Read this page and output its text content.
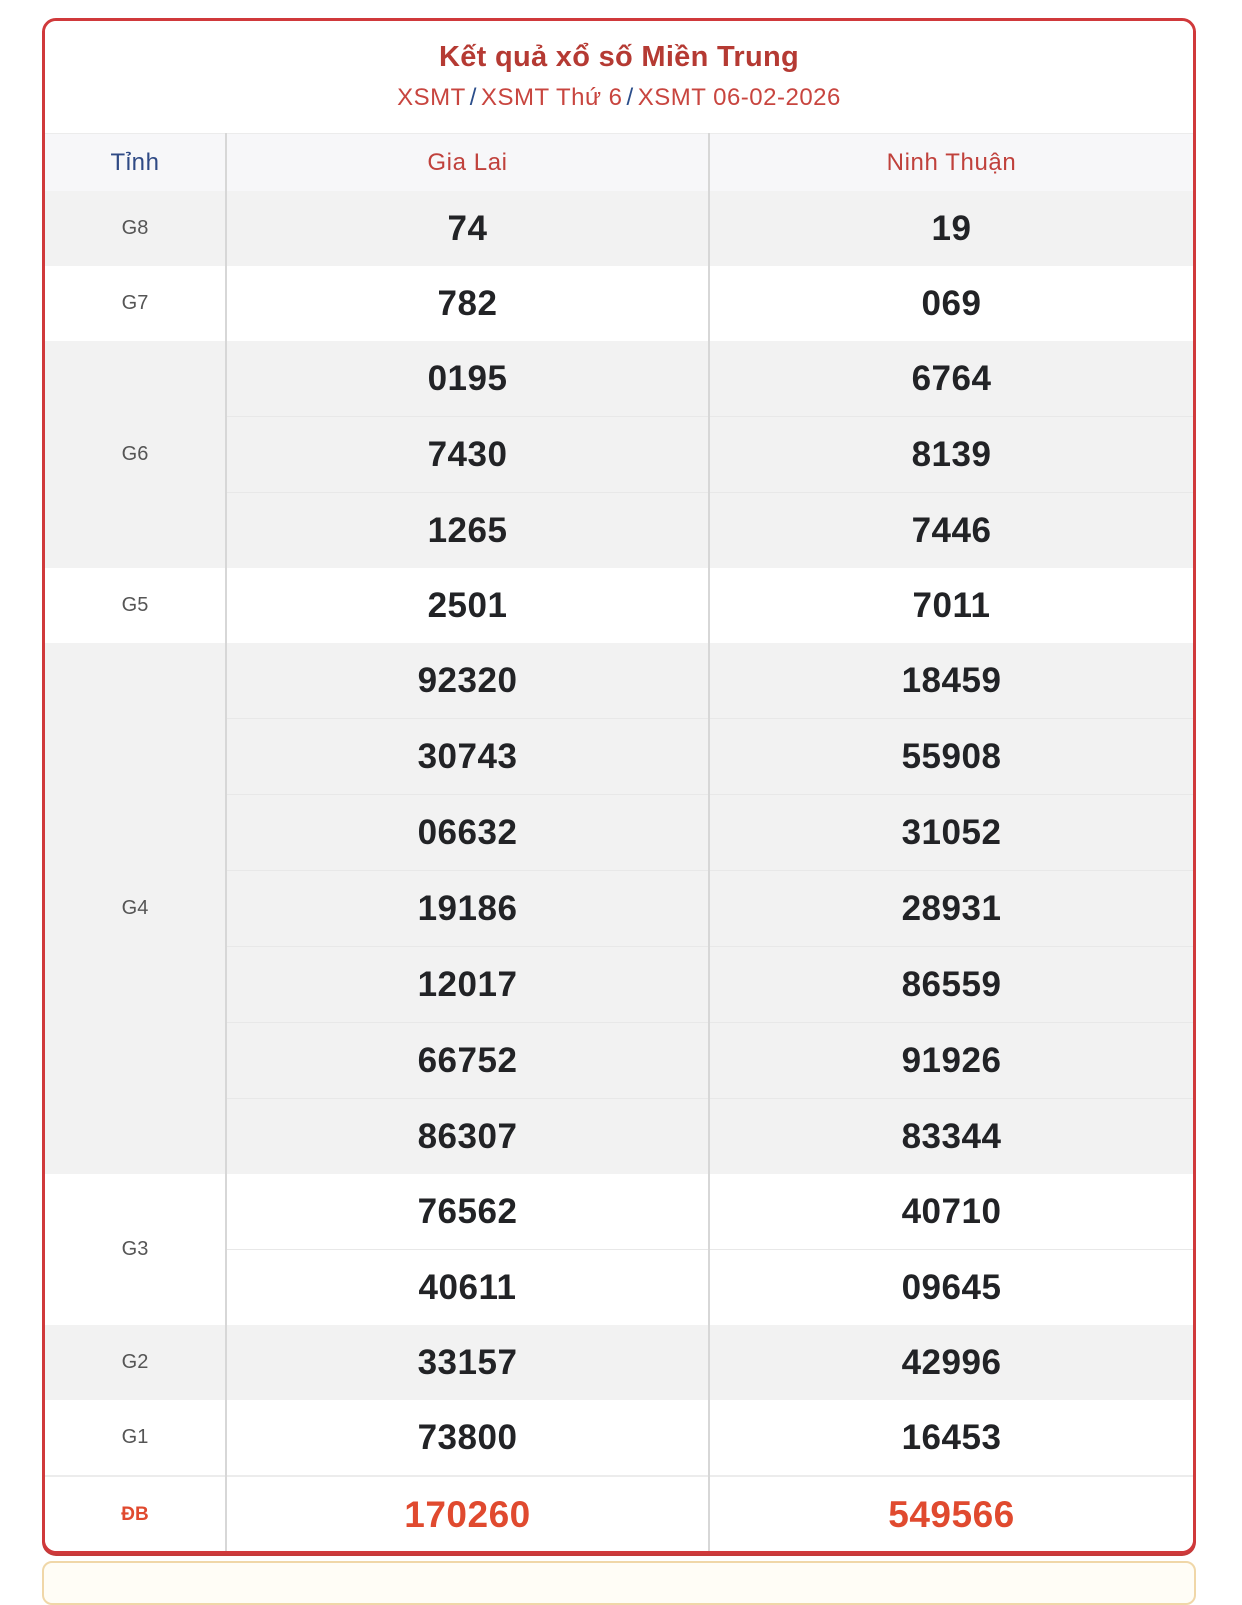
Kết quả xổ số Miền Trung
XSMT / XSMT Thứ 6 / XSMT 06-02-2026
Tỉnh	Gia Lai	Ninh Thuận
G8	74	19
G7	782	069
G6	0195	6764
	7430	8139
	1265	7446
G5	2501	7011
G4	92320	18459
	30743	55908
	06632	31052
	19186	28931
	12017	86559
	66752	91926
	86307	83344
G3	76562	40710
	40611	09645
G2	33157	42996
G1	73800	16453
ĐB	170260	549566
